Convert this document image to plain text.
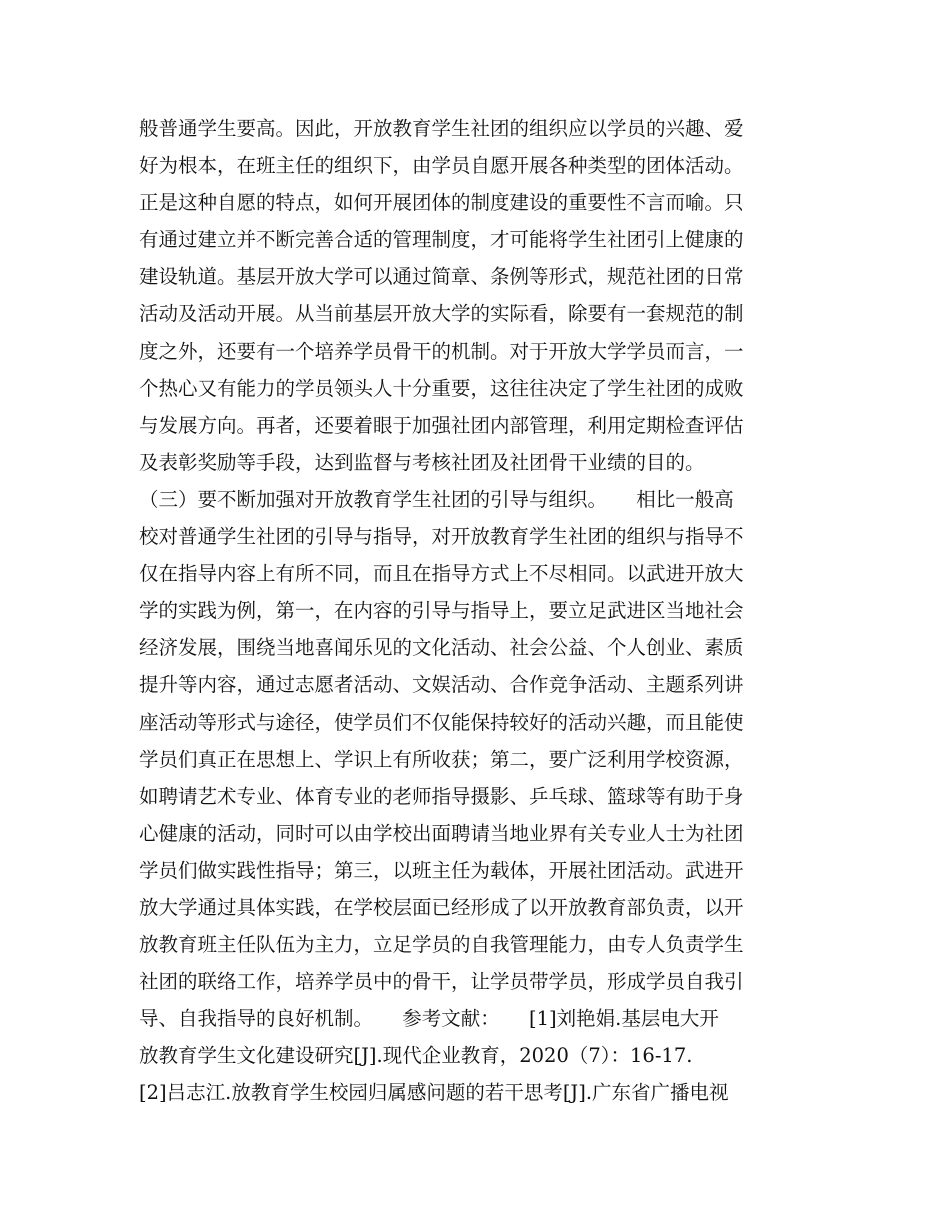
般普通学生要高。因此，开放教育学生社团的组织应以学员的兴趣、爱
好为根本，在班主任的组织下，由学员自愿开展各种类型的团体活动。
正是这种自愿的特点，如何开展团体的制度建设的重要性不言而喻。只
有通过建立并不断完善合适的管理制度，才可能将学生社团引上健康的
建设轨道。基层开放大学可以通过简章、条例等形式，规范社团的日常
活动及活动开展。从当前基层开放大学的实际看，除要有一套规范的制
度之外，还要有一个培养学员骨干的机制。对于开放大学学员而言，一
个热心又有能力的学员领头人十分重要，这往往决定了学生社团的成败
与发展方向。再者，还要着眼于加强社团内部管理，利用定期检查评估
及表彰奖励等手段，达到监督与考核社团及社团骨干业绩的目的。
（三）要不断加强对开放教育学生社团的引导与组织。　　相比一般高
校对普通学生社团的引导与指导，对开放教育学生社团的组织与指导不
仅在指导内容上有所不同，而且在指导方式上不尽相同。以武进开放大
学的实践为例，第一，在内容的引导与指导上，要立足武进区当地社会
经济发展，围绕当地喜闻乐见的文化活动、社会公益、个人创业、素质
提升等内容，通过志愿者活动、文娱活动、合作竞争活动、主题系列讲
座活动等形式与途径，使学员们不仅能保持较好的活动兴趣，而且能使
学员们真正在思想上、学识上有所收获；第二，要广泛利用学校资源，
如聘请艺术专业、体育专业的老师指导摄影、乒乓球、篮球等有助于身
心健康的活动，同时可以由学校出面聘请当地业界有关专业人士为社团
学员们做实践性指导；第三，以班主任为载体，开展社团活动。武进开
放大学通过具体实践，在学校层面已经形成了以开放教育部负责，以开
放教育班主任队伍为主力，立足学员的自我管理能力，由专人负责学生
社团的联络工作，培养学员中的骨干，让学员带学员，形成学员自我引
导、自我指导的良好机制。　　参考文献：　　[1]刘艳娟.基层电大开
放教育学生文化建设研究[J].现代企业教育，2020（7）：16-17.
[2]吕志江.放教育学生校园归属感问题的若干思考[J].广东省广播电视
